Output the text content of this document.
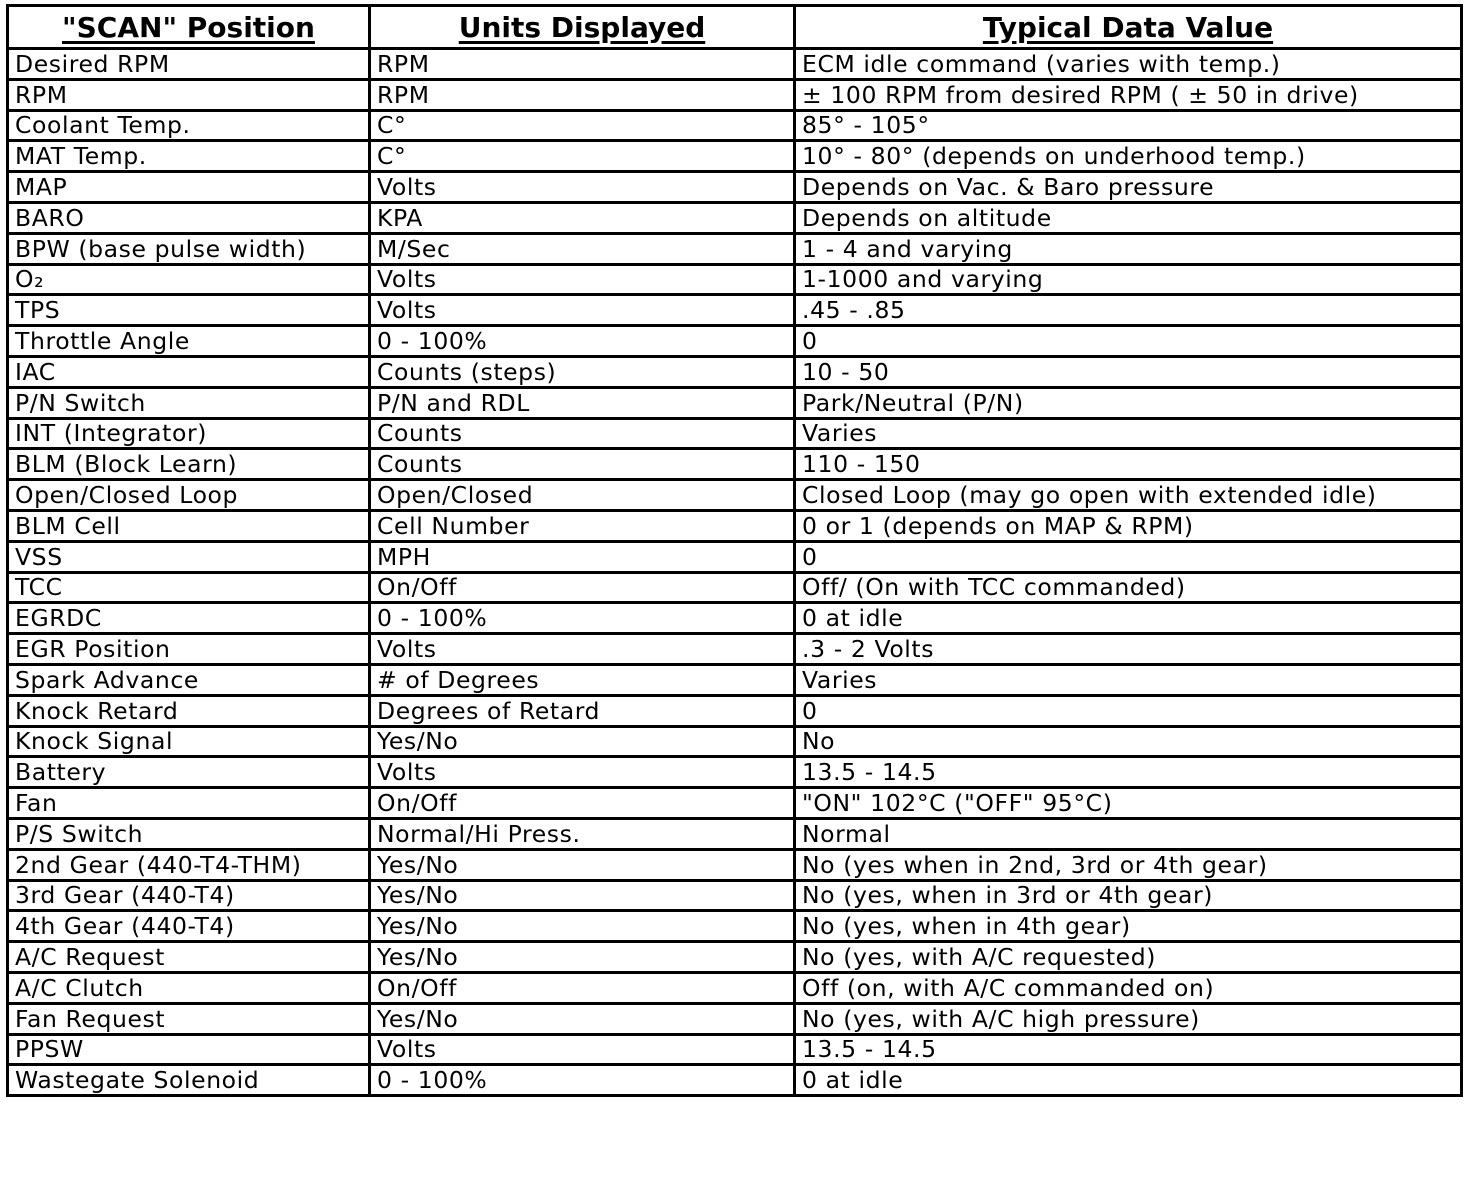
"SCAN" Position	Units Displayed	Typical Data Value
Desired RPM	RPM	ECM idle command (varies with temp.)
RPM	RPM	± 100 RPM from desired RPM ( ± 50 in drive)
Coolant Temp.	C°	85° - 105°
MAT Temp.	C°	10° - 80° (depends on underhood temp.)
MAP	Volts	Depends on Vac. & Baro pressure
BARO	KPA	Depends on altitude
BPW (base pulse width)	M/Sec	1 - 4 and varying
O₂	Volts	1-1000 and varying
TPS	Volts	.45 - .85
Throttle Angle	0 - 100%	0
IAC	Counts (steps)	10 - 50
P/N Switch	P/N and RDL	Park/Neutral (P/N)
INT (Integrator)	Counts	Varies
BLM (Block Learn)	Counts	110 - 150
Open/Closed Loop	Open/Closed	Closed Loop (may go open with extended idle)
BLM Cell	Cell Number	0 or 1 (depends on MAP & RPM)
VSS	MPH	0
TCC	On/Off	Off/ (On with TCC commanded)
EGRDC	0 - 100%	0 at idle
EGR Position	Volts	.3 - 2 Volts
Spark Advance	# of Degrees	Varies
Knock Retard	Degrees of Retard	0
Knock Signal	Yes/No	No
Battery	Volts	13.5 - 14.5
Fan	On/Off	"ON" 102°C ("OFF" 95°C)
P/S Switch	Normal/Hi Press.	Normal
2nd Gear (440-T4-THM)	Yes/No	No (yes when in 2nd, 3rd or 4th gear)
3rd Gear (440-T4)	Yes/No	No (yes, when in 3rd or 4th gear)
4th Gear (440-T4)	Yes/No	No (yes, when in 4th gear)
A/C Request	Yes/No	No (yes, with A/C requested)
A/C Clutch	On/Off	Off (on, with A/C commanded on)
Fan Request	Yes/No	No (yes, with A/C high pressure)
PPSW	Volts	13.5 - 14.5
Wastegate Solenoid	0 - 100%	0 at idle
